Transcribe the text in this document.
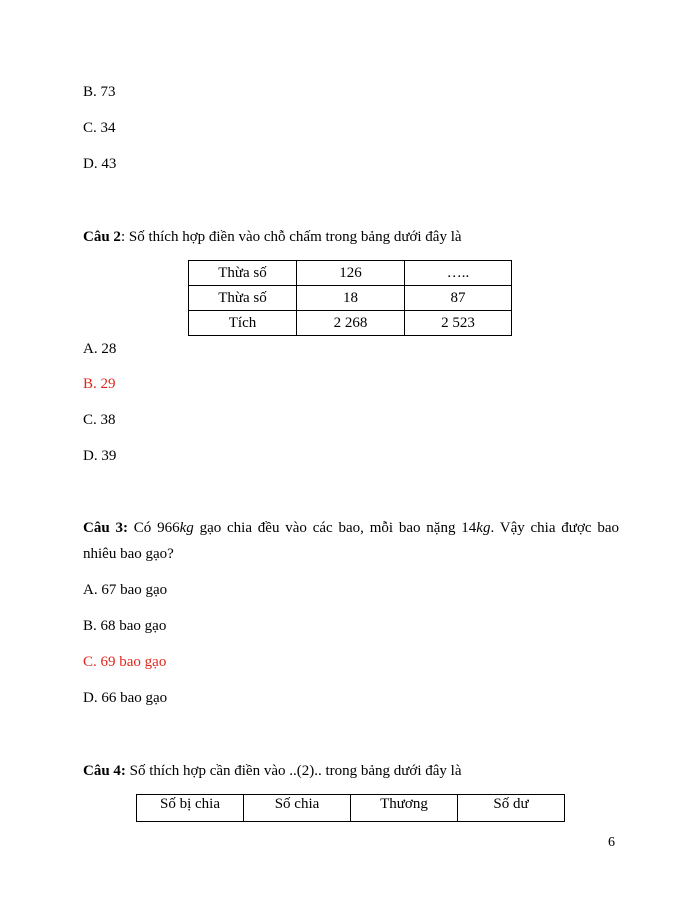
B. 73
C. 34
D. 43
Câu 2: Số thích hợp điền vào chỗ chấm trong bảng dưới đây là
Thừa số	126	…..
Thừa số	18	87
Tích	2 268	2 523
A. 28
B. 29
C. 38
D. 39
Câu 3: Có 966kg gạo chia đều vào các bao, mỗi bao nặng 14kg. Vậy chia được bao
nhiêu bao gạo?
A. 67 bao gạo
B. 68 bao gạo
C. 69 bao gạo
D. 66 bao gạo
Câu 4: Số thích hợp cần điền vào ..(2).. trong bảng dưới đây là
Số bị chia	Số chia	Thương	Số dư
6
